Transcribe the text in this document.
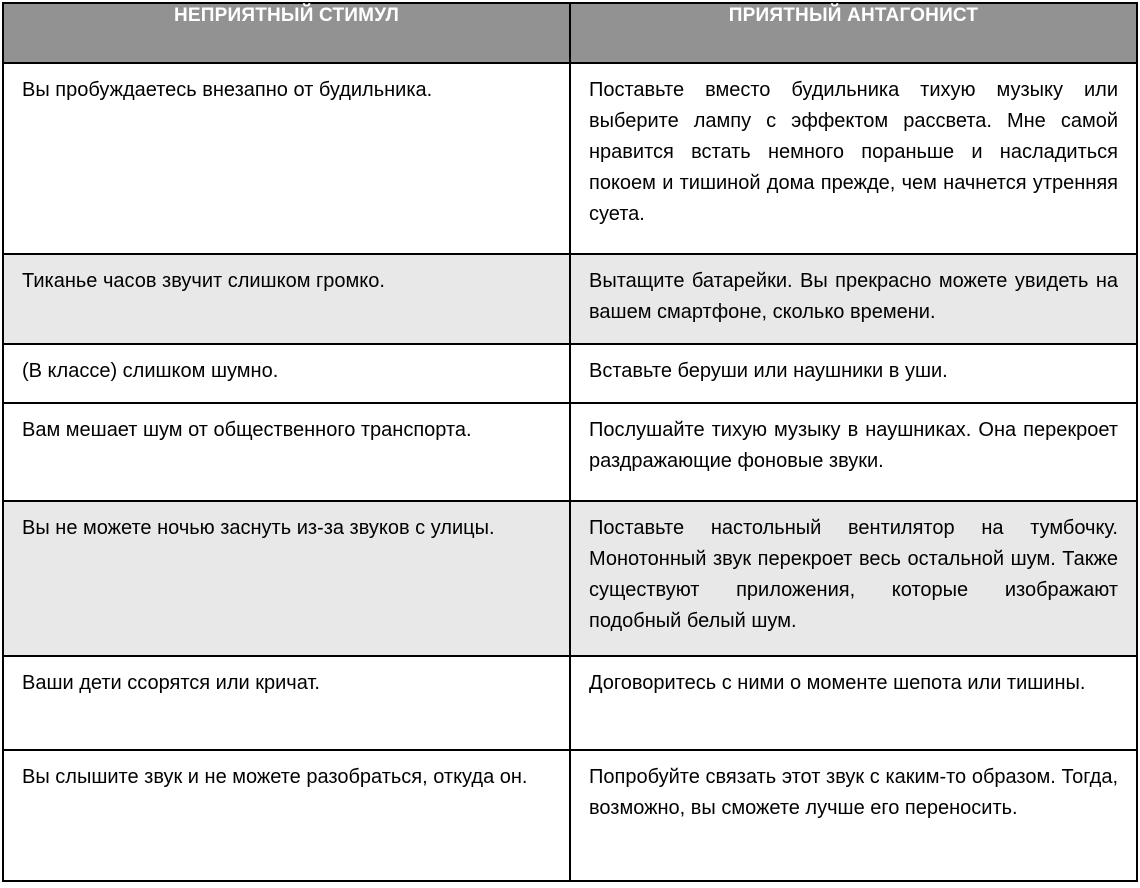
НЕПРИЯТНЫЙ СТИМУЛ	ПРИЯТНЫЙ АНТАГОНИСТ
Вы пробуждаетесь внезапно от будильника.	Поставьте вместо будильника тихую музыку или выберите лампу с эффектом рассвета. Мне самой нравится встать немного пораньше и насладиться покоем и тишиной дома прежде, чем начнется утренняя суета.
Тиканье часов звучит слишком громко.	Вытащите батарейки. Вы прекрасно можете увидеть на вашем смартфоне, сколько времени.
(В классе) слишком шумно.	Вставьте беруши или наушники в уши.
Вам мешает шум от общественного транспорта.	Послушайте тихую музыку в наушниках. Она перекроет раздражающие фоновые звуки.
Вы не можете ночью заснуть из-за звуков с улицы.	Поставьте настольный вентилятор на тумбочку. Монотонный звук перекроет весь остальной шум. Также существуют приложения, которые изображают подобный белый шум.
Ваши дети ссорятся или кричат.	Договоритесь с ними о моменте шепота или тишины.
Вы слышите звук и не можете разобраться, откуда он.	Попробуйте связать этот звук с каким-то образом. Тогда, возможно, вы сможете лучше его переносить.
